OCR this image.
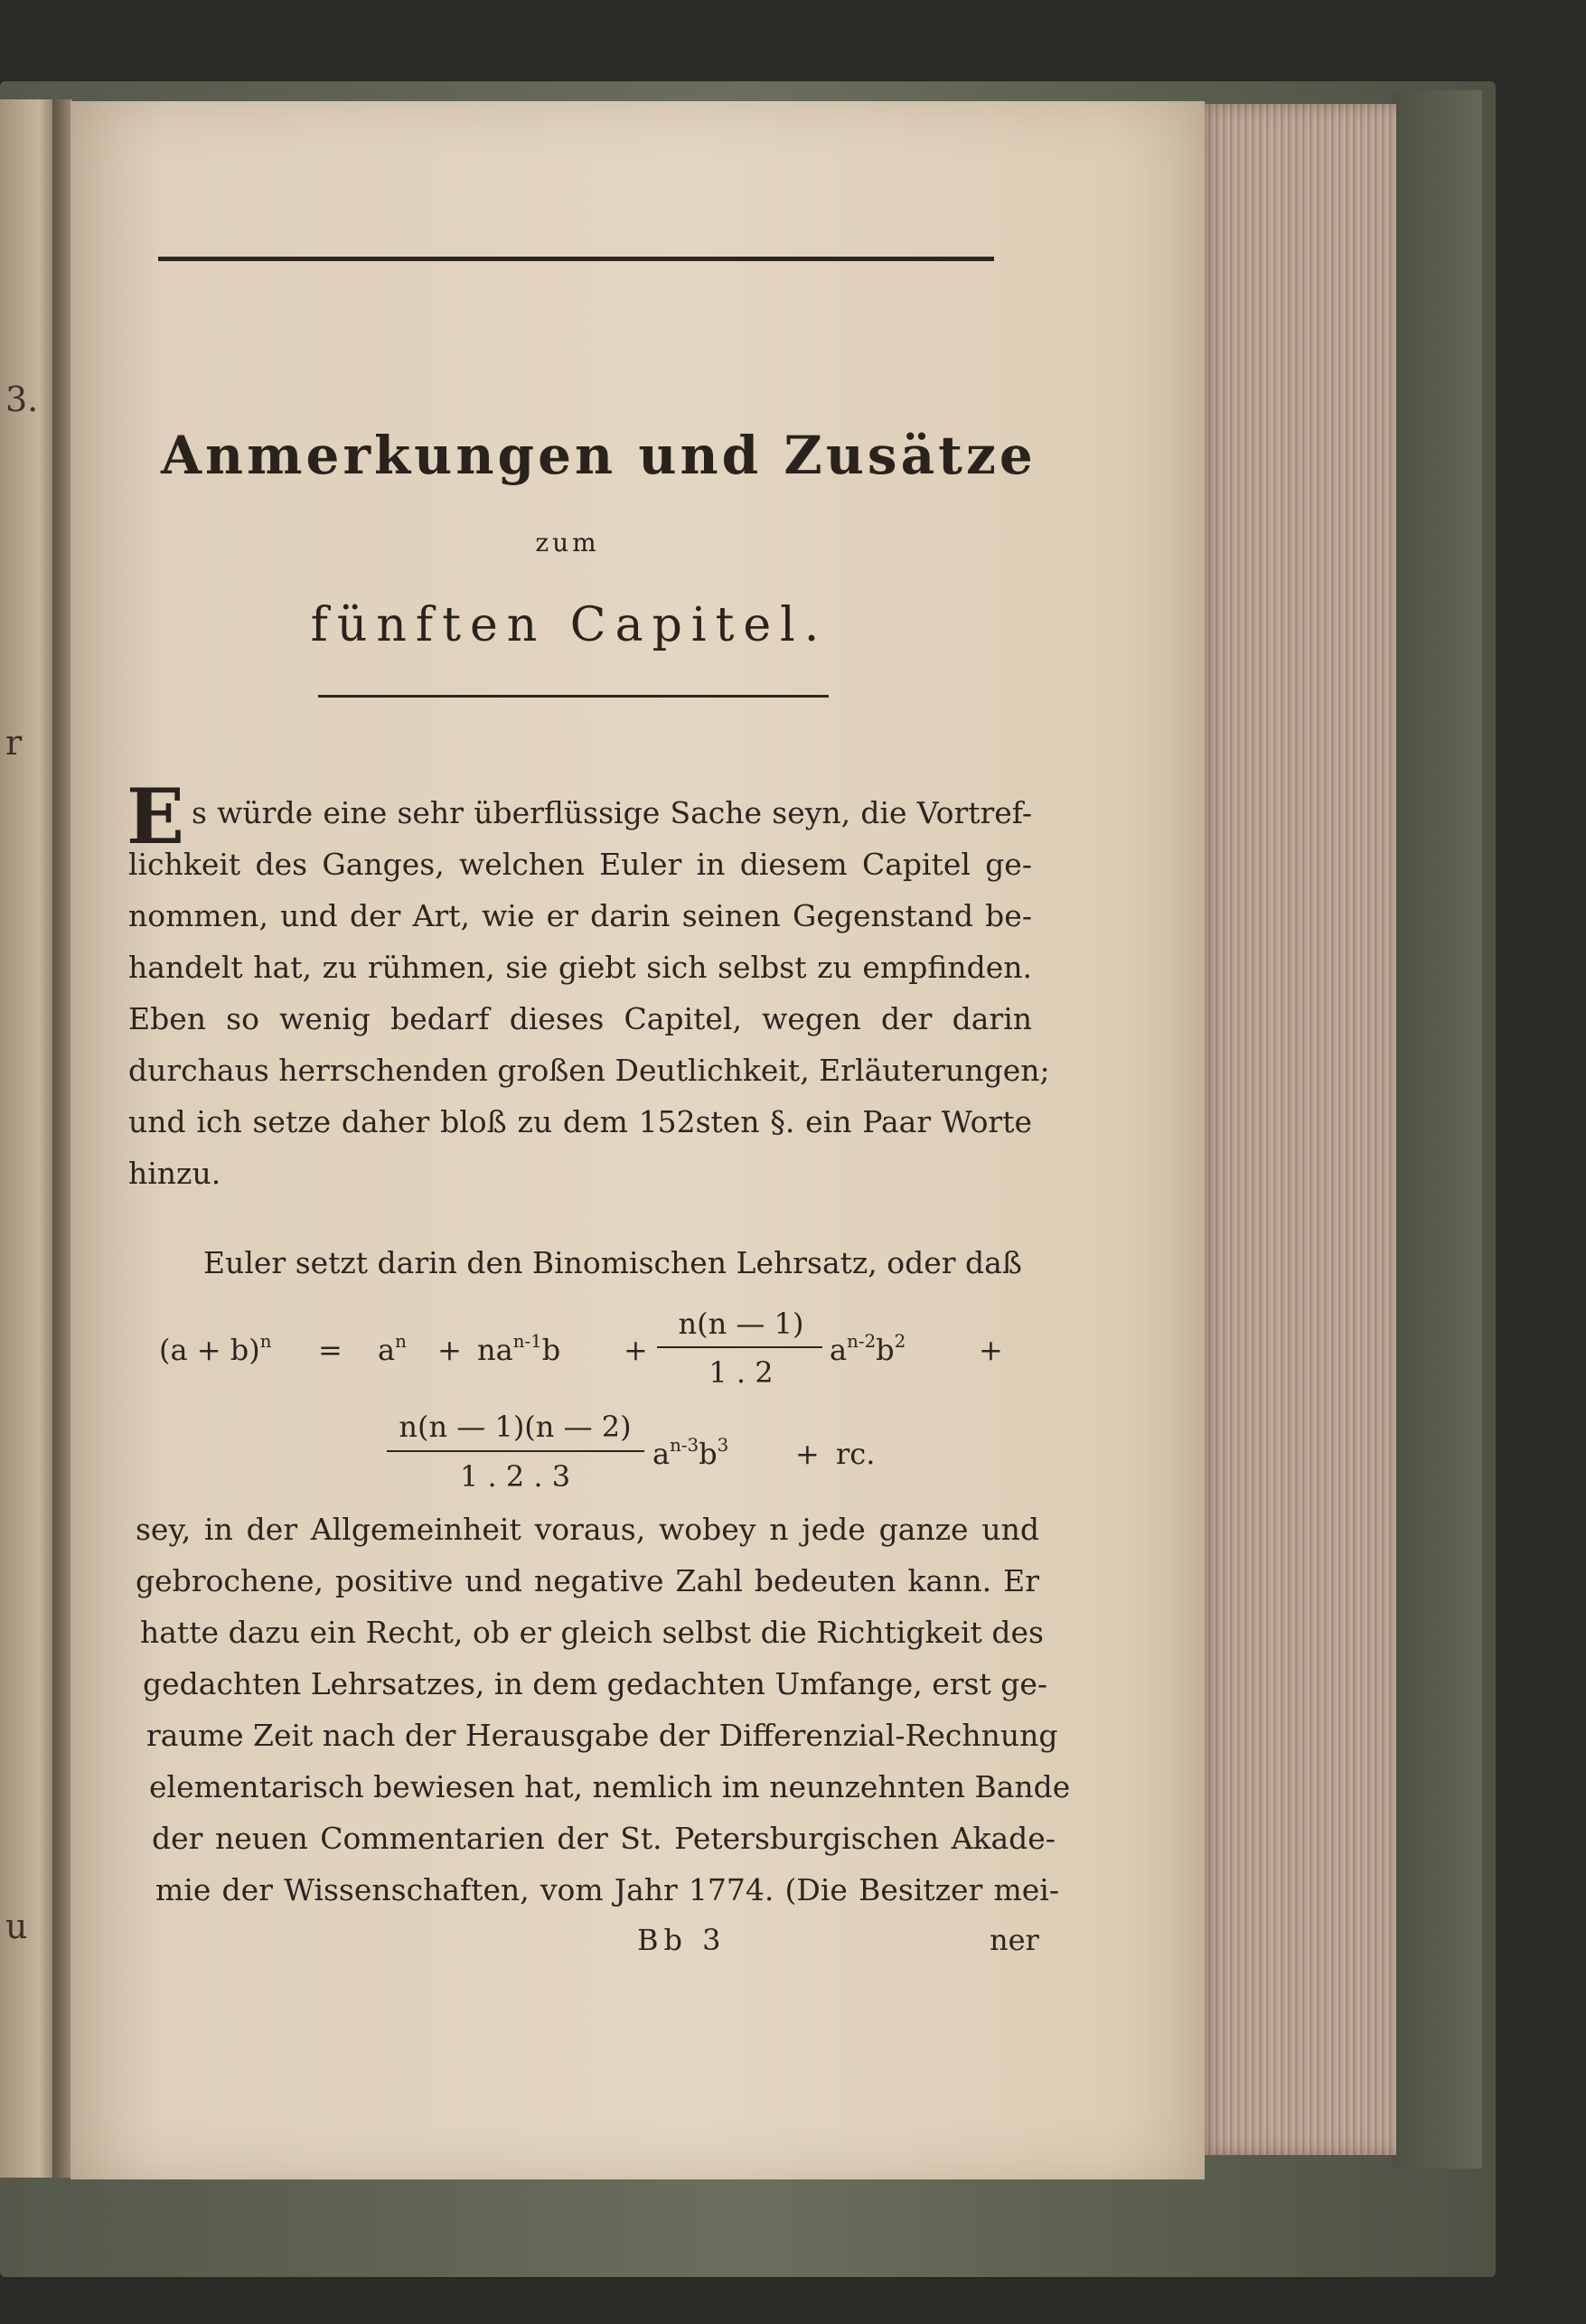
3.
r
u
Anmerkungen und Zusätze
zum
fünften Capitel.
E s würde eine sehr überflüssige Sache seyn, die Vortref-
lichkeit des Ganges, welchen Euler in diesem Capitel ge-
nommen, und der Art, wie er darin seinen Gegenstand be-
handelt hat, zu rühmen, sie giebt sich selbst zu empfinden.
Eben so wenig bedarf dieses Capitel, wegen der darin
durchaus herrschenden großen Deutlichkeit, Erläuterungen;
und ich setze daher bloß zu dem 152sten §. ein Paar Worte
hinzu.
Euler setzt darin den Binomischen Lehrsatz, oder daß
$(a + b)^n = a^n + na^{n-1}b$ +
n(n — 1)
1 . 2
$a^{n-2}b^2$	+
n(n — 1)(n — 2)
1 . 2 . 3
$a^{n-3}b^3$ + rc.
sey, in der Allgemeinheit voraus, wobey n jede ganze und
gebrochene, positive und negative Zahl bedeuten kann. Er
hatte dazu ein Recht, ob er gleich selbst die Richtigkeit des
gedachten Lehrsatzes, in dem gedachten Umfange, erst ge-
raume Zeit nach der Herausgabe der Differenzial-Rechnung
elementarisch bewiesen hat, nemlich im neunzehnten Bande
der neuen Commentarien der St. Petersburgischen Akade-
mie der Wissenschaften, vom Jahr 1774. (Die Besitzer mei-
Bb 3	ner
